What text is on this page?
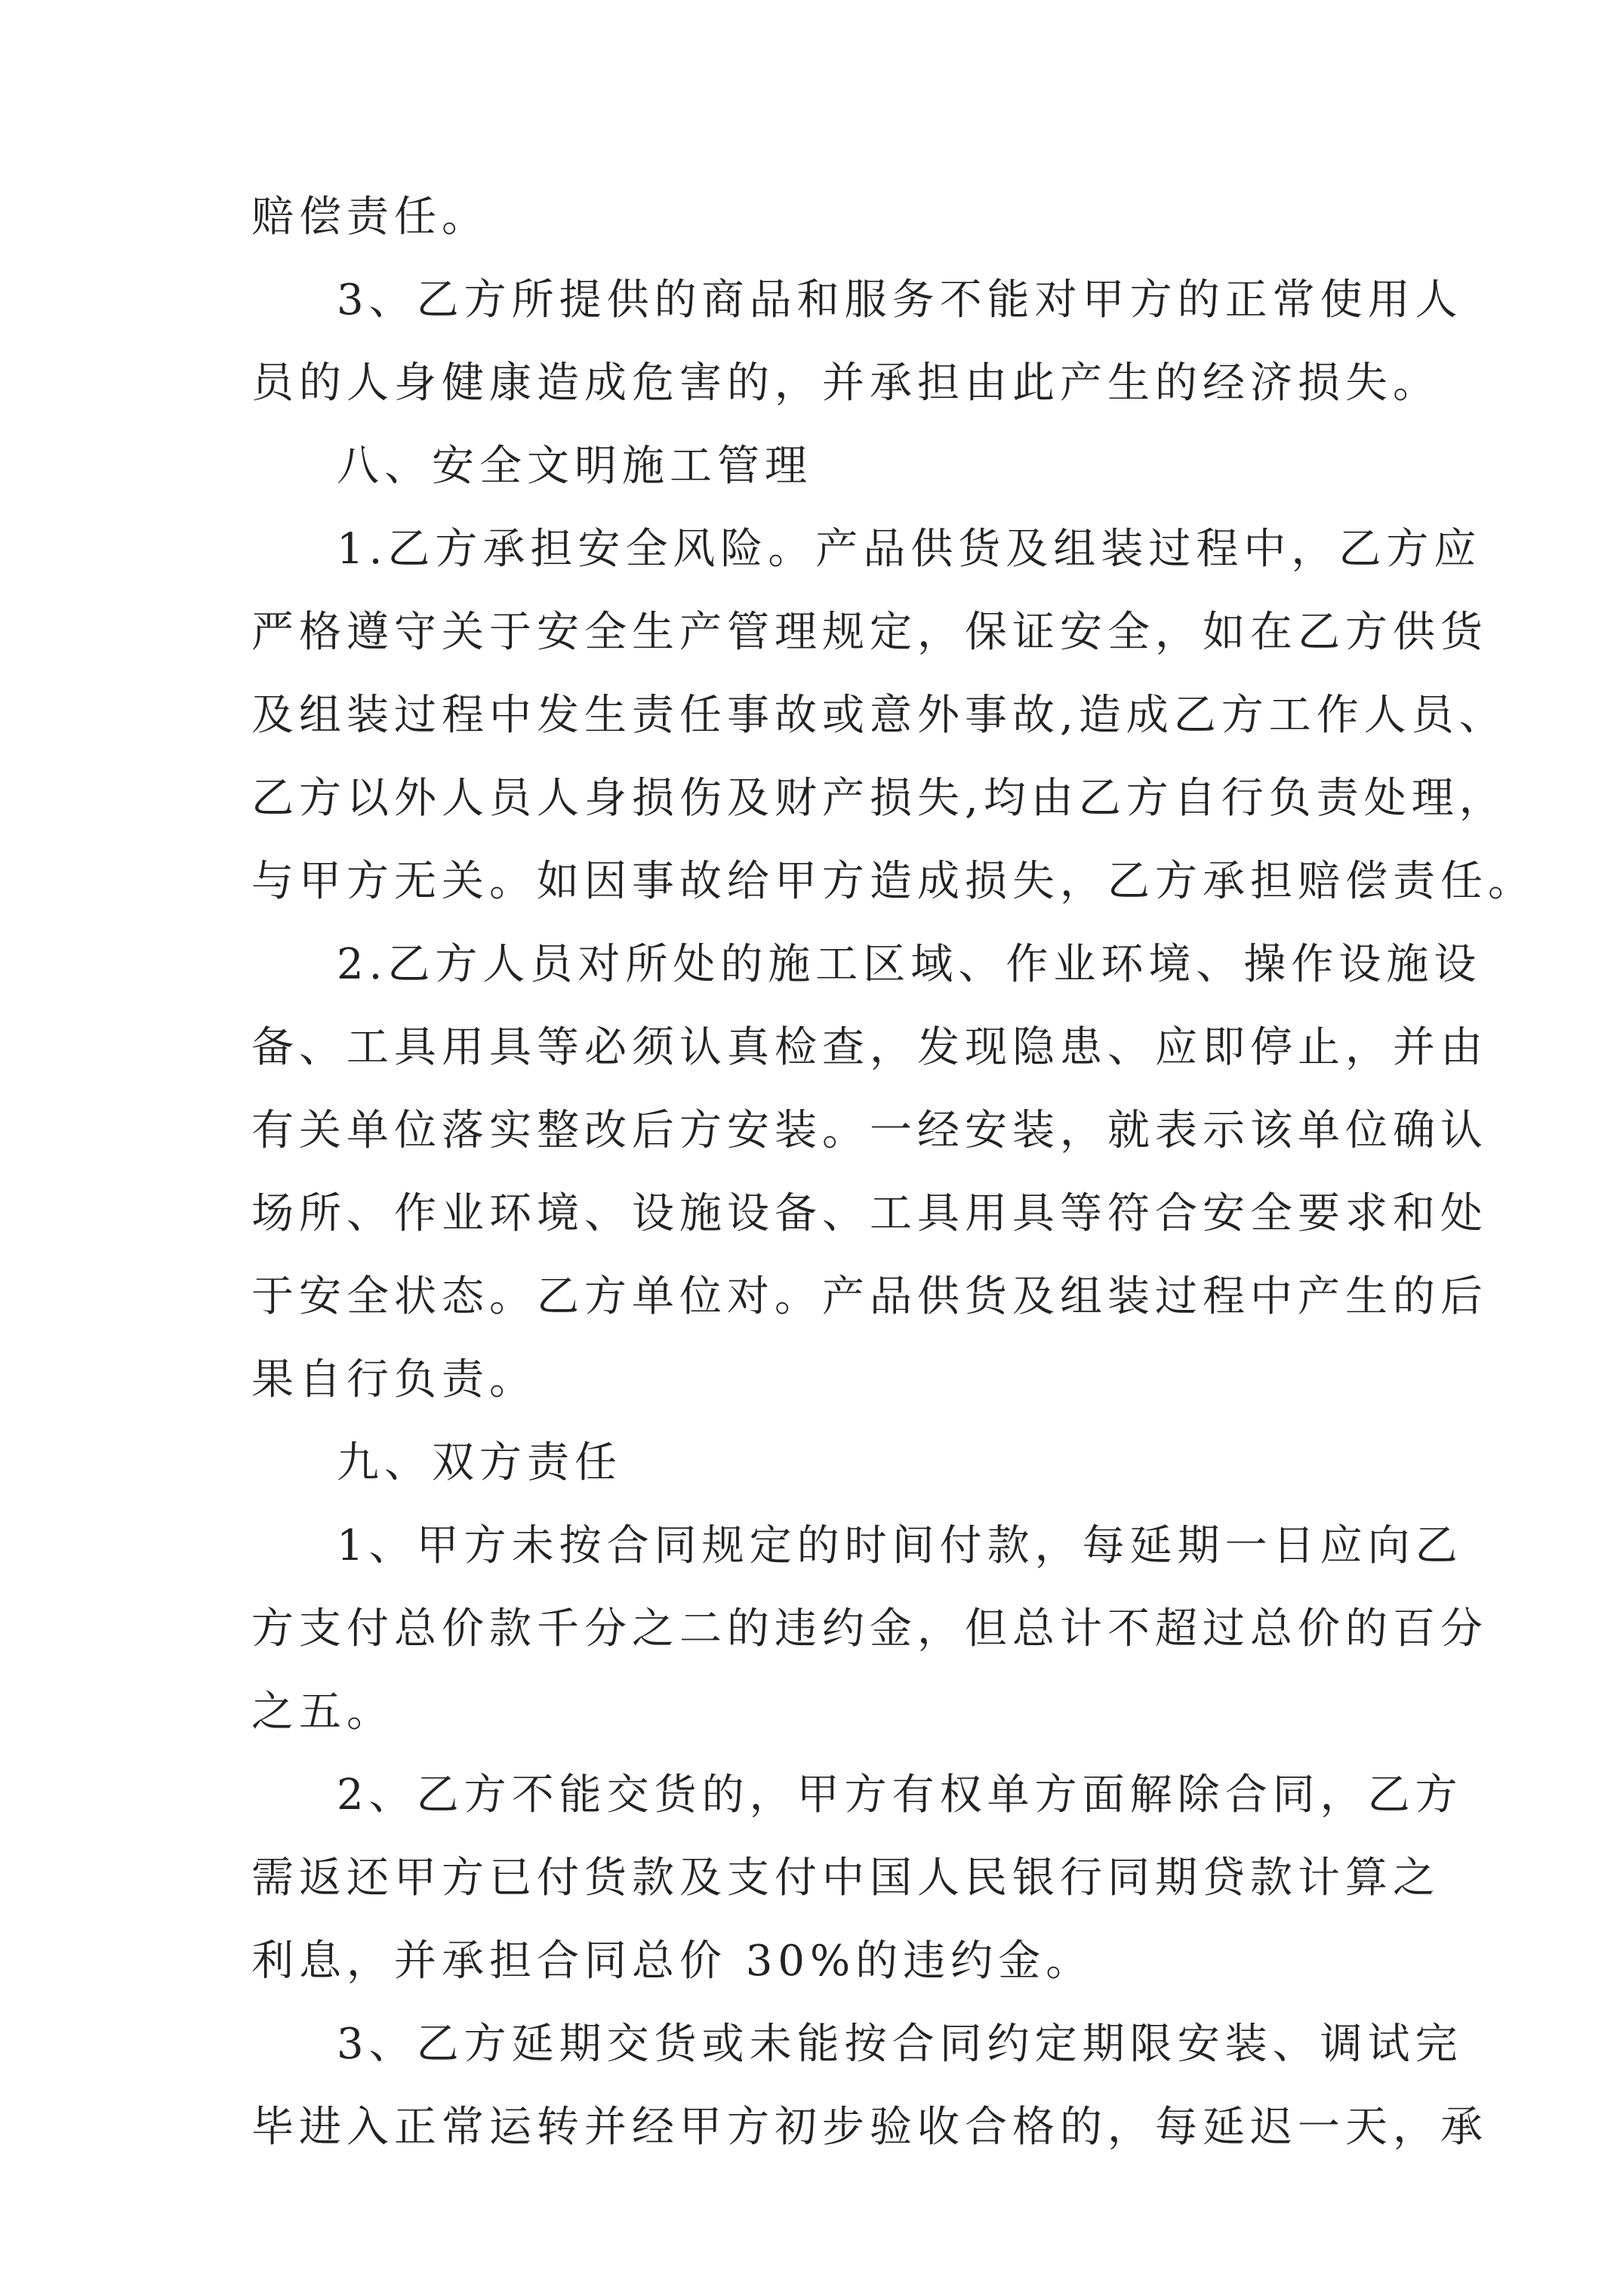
赔偿责任。
3、乙方所提供的商品和服务不能对甲方的正常使用人
员的人身健康造成危害的，并承担由此产生的经济损失。
八、安全文明施工管理
1.乙方承担安全风险。产品供货及组装过程中，乙方应
严格遵守关于安全生产管理规定，保证安全，如在乙方供货
及组装过程中发生责任事故或意外事故,造成乙方工作人员、
乙方以外人员人身损伤及财产损失,均由乙方自行负责处理，
与甲方无关。如因事故给甲方造成损失，乙方承担赔偿责任。
2.乙方人员对所处的施工区域、作业环境、操作设施设
备、工具用具等必须认真检查，发现隐患、应即停止，并由
有关单位落实整改后方安装。一经安装，就表示该单位确认
场所、作业环境、设施设备、工具用具等符合安全要求和处
于安全状态。乙方单位对。产品供货及组装过程中产生的后
果自行负责。
九、双方责任
1、甲方未按合同规定的时间付款，每延期一日应向乙
方支付总价款千分之二的违约金，但总计不超过总价的百分
之五。
2、乙方不能交货的，甲方有权单方面解除合同，乙方
需返还甲方已付货款及支付中国人民银行同期贷款计算之
利息，并承担合同总价 30%的违约金。
3、乙方延期交货或未能按合同约定期限安装、调试完
毕进入正常运转并经甲方初步验收合格的，每延迟一天，承
